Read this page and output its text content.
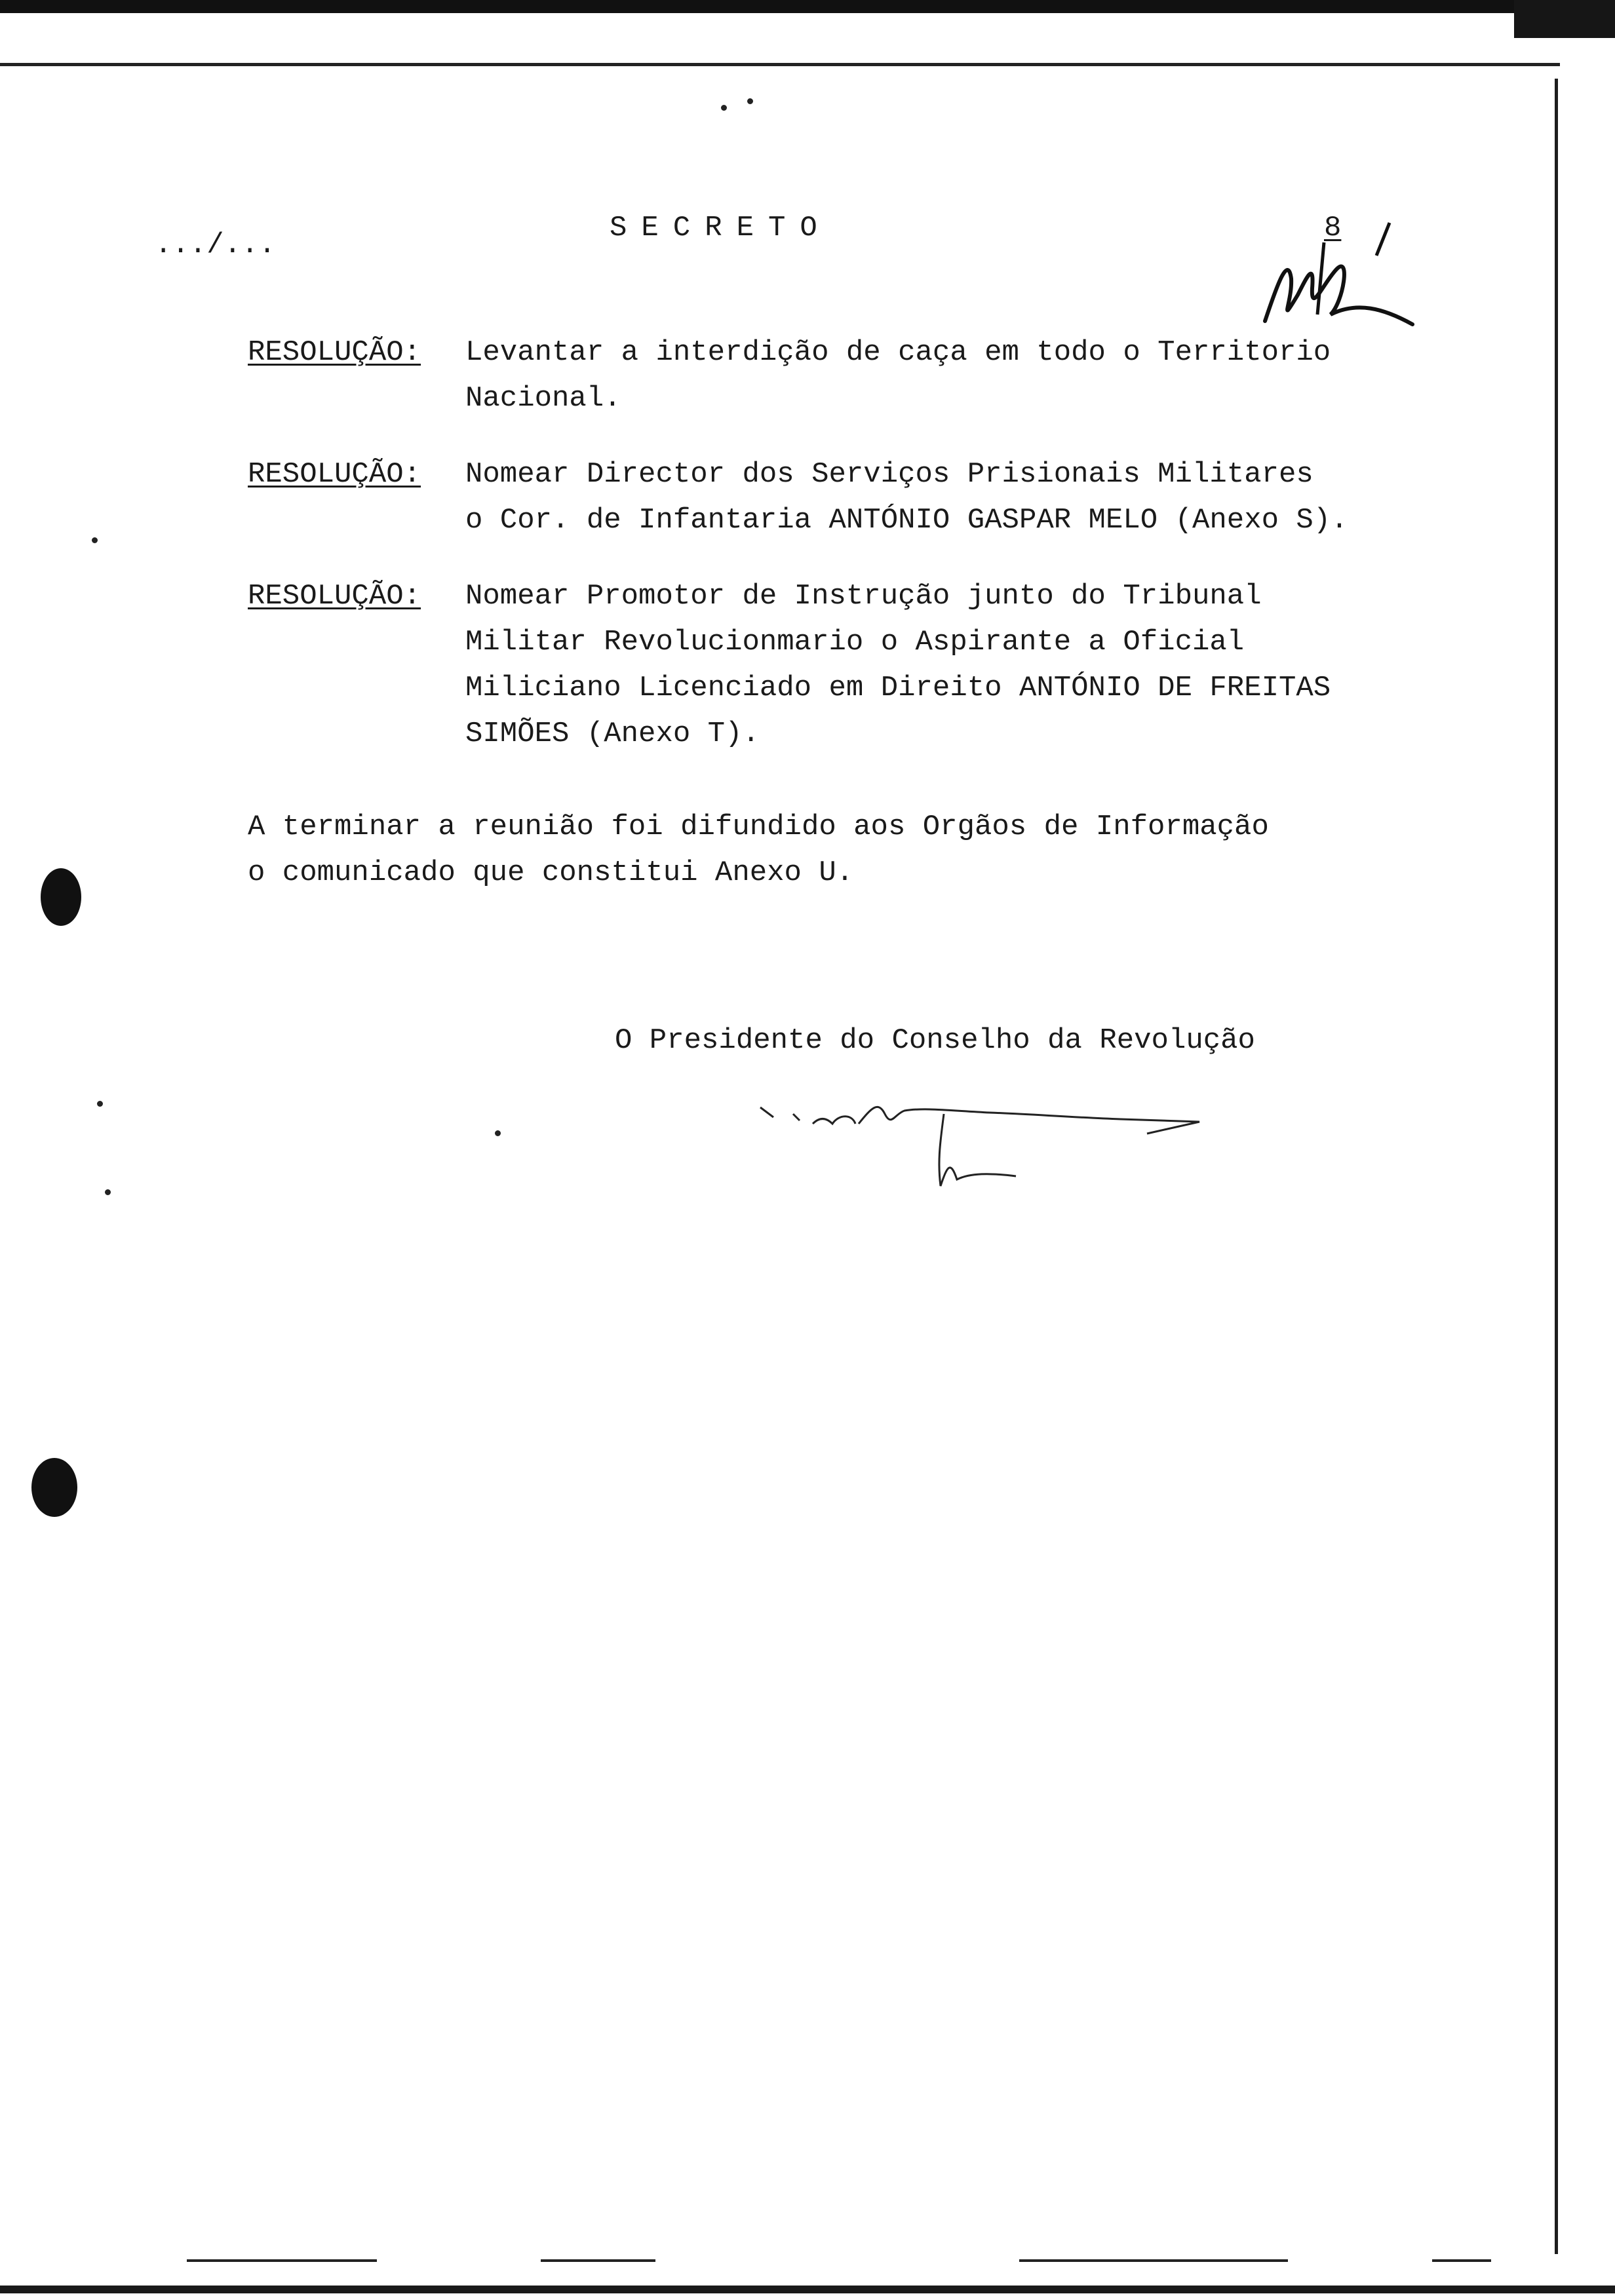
.../...
SECRETO	8
RESOLUÇÃO: Levantar a interdição de caça em todo o Territorio
Nacional.
RESOLUÇÃO: Nomear Director dos Serviços Prisionais Militares
o Cor. de Infantaria ANTÓNIO GASPAR MELO (Anexo S).
RESOLUÇÃO: Nomear Promotor de Instrução junto do Tribunal
Militar Revolucionmario o Aspirante a Oficial
Miliciano Licenciado em Direito ANTÓNIO DE FREITAS
SIMÕES (Anexo T).
A terminar a reunião foi difundido aos Orgãos de Informação
o comunicado que constitui Anexo U.
O Presidente do Conselho da Revolução
